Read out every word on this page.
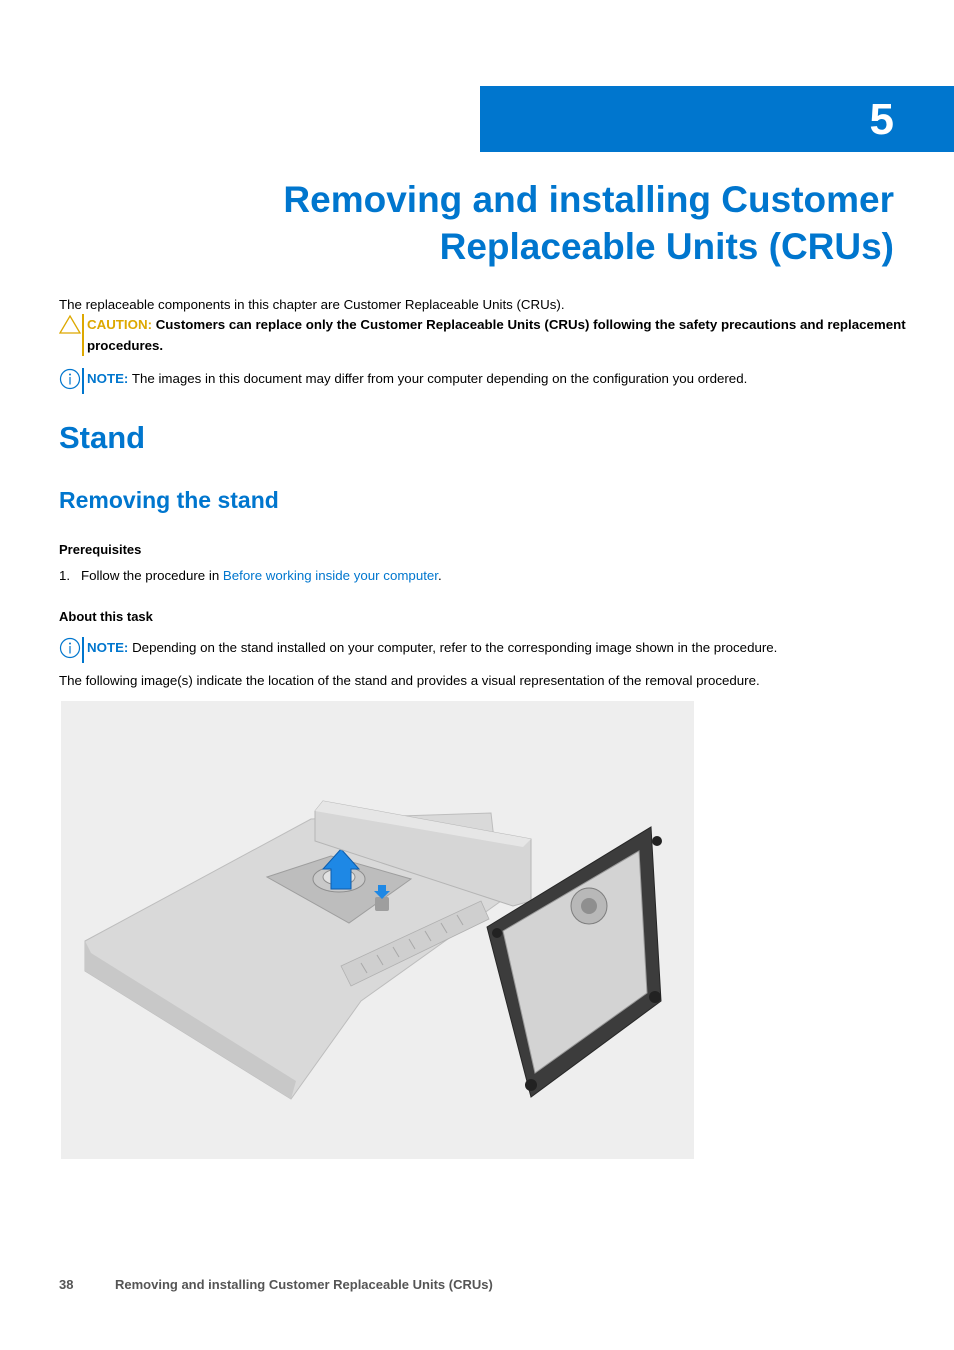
5
Removing and installing Customer
Replaceable Units (CRUs)

The replaceable components in this chapter are Customer Replaceable Units (CRUs).

CAUTION: Customers can replace only the Customer Replaceable Units (CRUs) following the safety precautions and replacement procedures.

NOTE: The images in this document may differ from your computer depending on the configuration you ordered.

Stand
Removing the stand
Prerequisites

1. Follow the procedure in Before working inside your computer.

About this task

NOTE: Depending on the stand installed on your computer, refer to the corresponding image shown in the procedure.

The following image(s) indicate the location of the stand and provides a visual representation of the removal procedure.

38	Removing and installing Customer Replaceable Units (CRUs)
